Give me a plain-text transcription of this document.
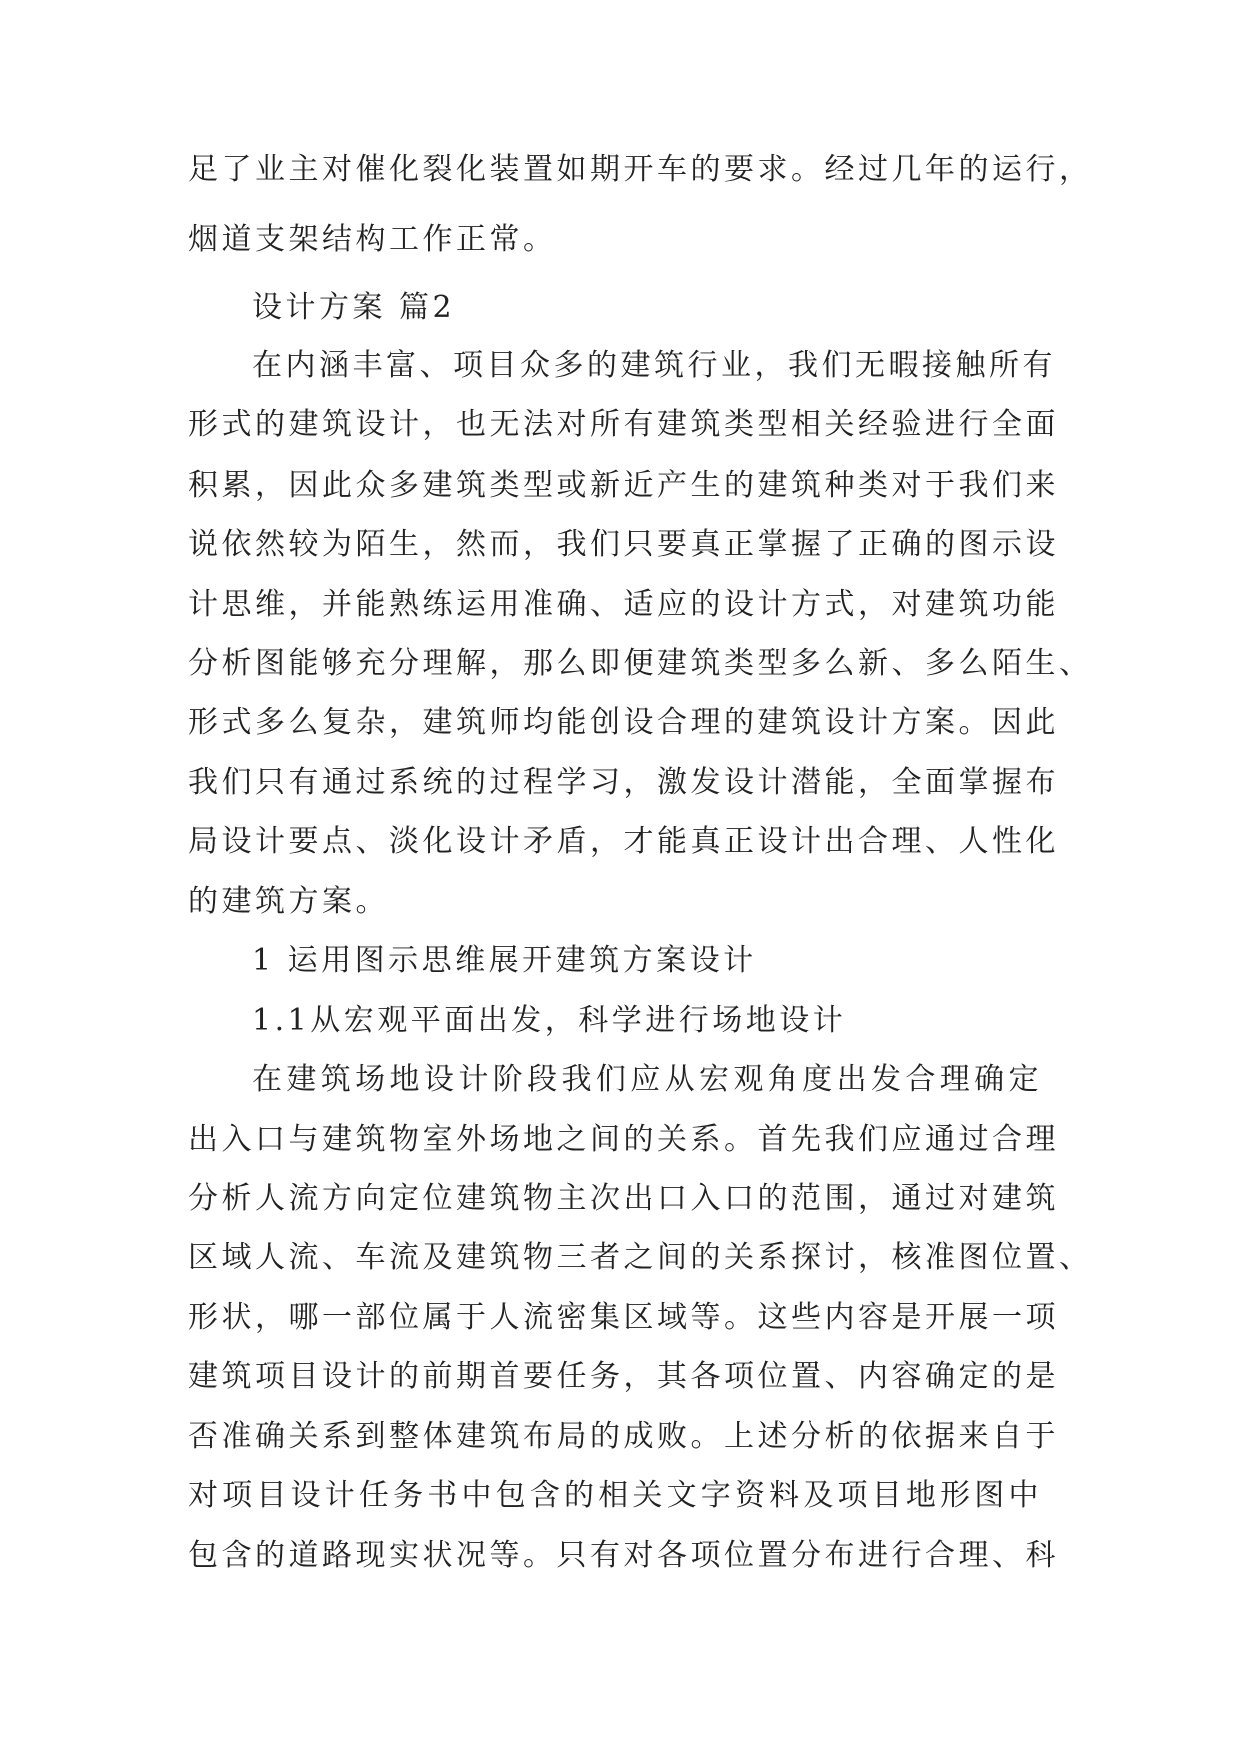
足了业主对催化裂化装置如期开车的要求。经过几年的运行，
烟道支架结构工作正常。
设计方案 篇2
在内涵丰富、项目众多的建筑行业，我们无暇接触所有
形式的建筑设计，也无法对所有建筑类型相关经验进行全面
积累，因此众多建筑类型或新近产生的建筑种类对于我们来
说依然较为陌生，然而，我们只要真正掌握了正确的图示设
计思维，并能熟练运用准确、适应的设计方式，对建筑功能
分析图能够充分理解，那么即便建筑类型多么新、多么陌生、
形式多么复杂，建筑师均能创设合理的建筑设计方案。因此
我们只有通过系统的过程学习，激发设计潜能，全面掌握布
局设计要点、淡化设计矛盾，才能真正设计出合理、人性化
的建筑方案。
1 运用图示思维展开建筑方案设计
1.1从宏观平面出发，科学进行场地设计
在建筑场地设计阶段我们应从宏观角度出发合理确定
出入口与建筑物室外场地之间的关系。首先我们应通过合理
分析人流方向定位建筑物主次出口入口的范围，通过对建筑
区域人流、车流及建筑物三者之间的关系探讨，核准图位置、
形状，哪一部位属于人流密集区域等。这些内容是开展一项
建筑项目设计的前期首要任务，其各项位置、内容确定的是
否准确关系到整体建筑布局的成败。上述分析的依据来自于
对项目设计任务书中包含的相关文字资料及项目地形图中
包含的道路现实状况等。只有对各项位置分布进行合理、科
